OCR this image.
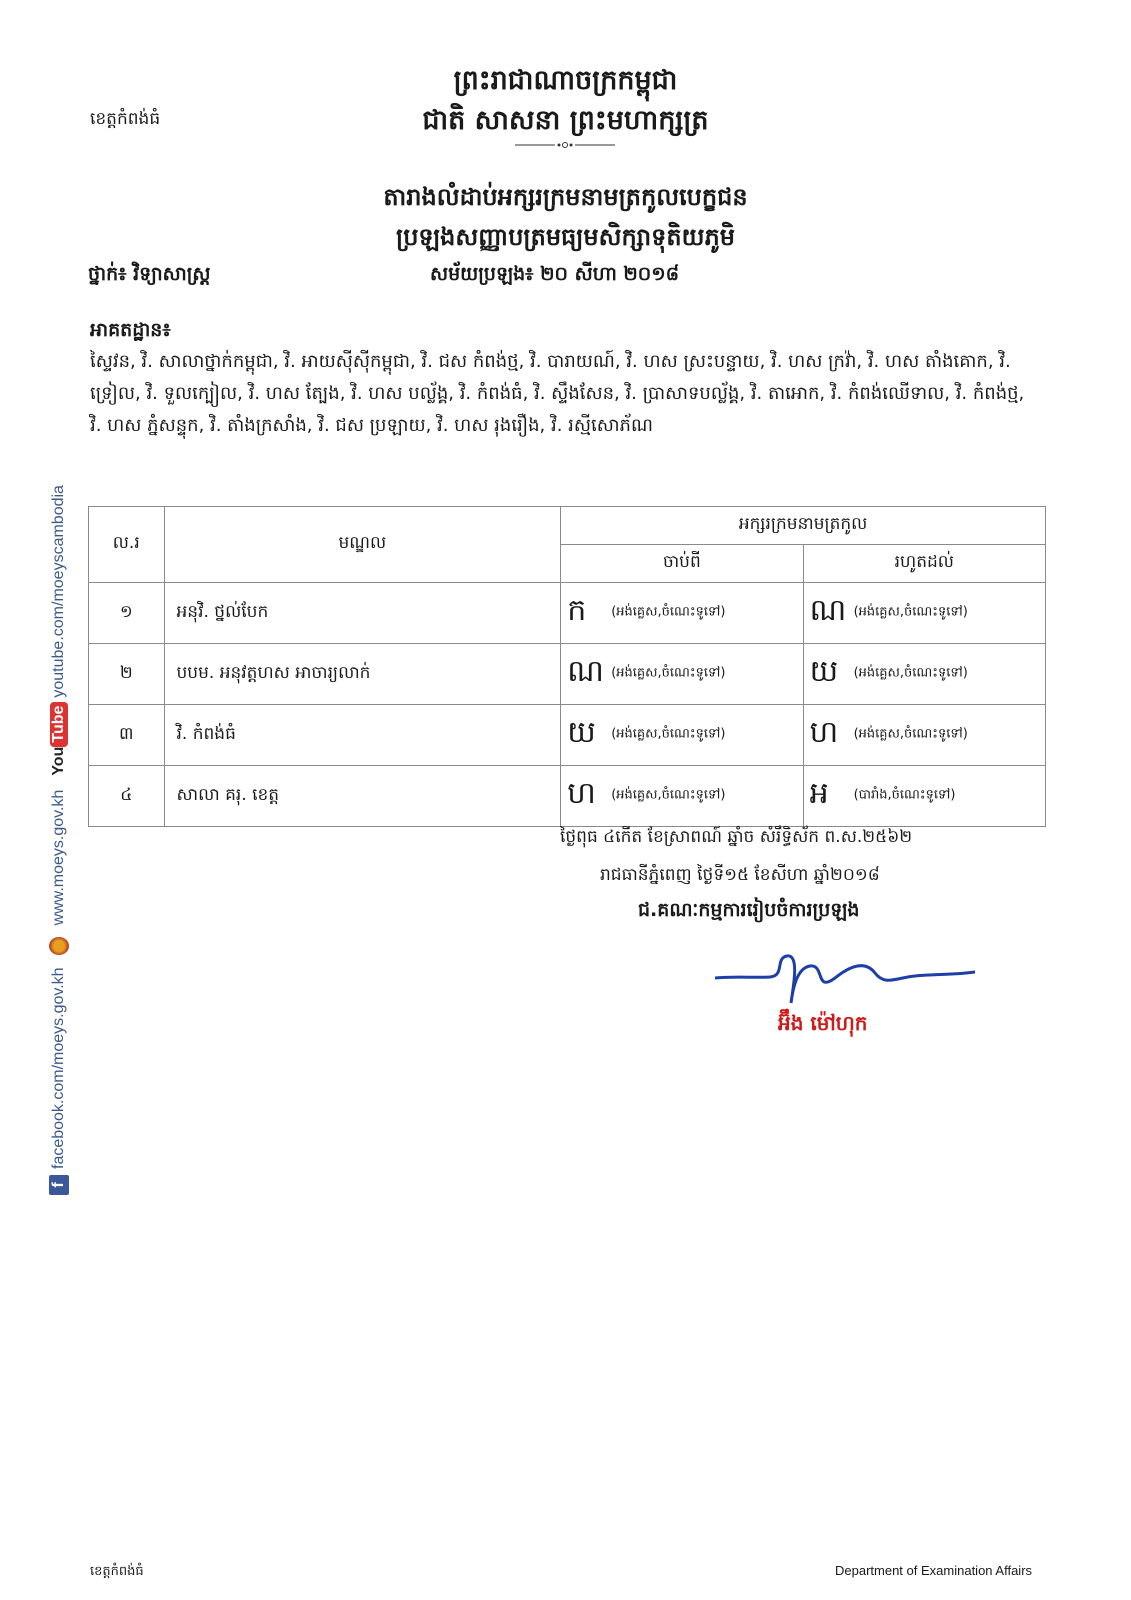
ព្រះរាជាណាចក្រកម្ពុជា
ជាតិ សាសនា ព្រះមហាក្សត្រ
ខេត្តកំពង់ធំ
តារាងលំដាប់អក្សរក្រមនាមត្រកូលបេក្ខជន
ប្រឡងសញ្ញាបត្រមធ្យមសិក្សាទុតិយភូមិ
ថ្នាក់៖ វិទ្យាសាស្ត្រ	សម័យប្រឡង៖ ២០ សីហា ២០១៨
អាគតដ្ឋាន៖
ស្ទៃវន, វិ. សាលាថ្នាក់កម្ពុជា, វិ. អាយស៊ីស៊ីកម្ពុជា, វិ. ជស កំពង់ថ្ម, វិ. បារាយណ៍, វិ. ហស ស្រះបន្ទាយ, វិ. ហស ក្រវ៉ា, វិ. ហស តាំងគោក, វិ. ទ្រៀល, វិ. ទួលក្បៀល, វិ. ហស ត្បែង, វិ. ហស បល្ល័ង្គ, វិ. កំពង់ធំ, វិ. ស្ទឹងសែន, វិ. ប្រាសាទបល្ល័ង្គ, វិ. តាអោក, វិ. កំពង់ឈើទាល, វិ. កំពង់ថ្ម, វិ. ហស ភ្នំសន្ទុក, វិ. តាំងក្រសាំង, វិ. ជស ប្រឡាយ, វិ. ហស រុងរឿង, វិ. រស្មីសោភ័ណ
ល.រ	មណ្ឌល	អក្សរក្រមនាមត្រកូល	
		ចាប់ពី	រហូតដល់
១	អនុវិ. ថ្នល់បែក	ក (អង់គ្លេស,ចំណេះទូទៅ)	ណ (អង់គ្លេស,ចំណេះទូទៅ)
២	បបម. អនុវត្តហស អាចារ្យលាក់	ណ (អង់គ្លេស,ចំណេះទូទៅ)	យ (អង់គ្លេស,ចំណេះទូទៅ)
៣	វិ. កំពង់ធំ	យ (អង់គ្លេស,ចំណេះទូទៅ)	ហ (អង់គ្លេស,ចំណេះទូទៅ)
៤	សាលា គរុ. ខេត្ត	ហ (អង់គ្លេស,ចំណេះទូទៅ)	អ (បារាំង,ចំណេះទូទៅ)
ថ្ងៃពុធ ៤កើត ខែស្រាពណ៍ ឆ្នាំច សំរឹទ្ធិស័ក ព.ស.២៥៦២
រាជធានីភ្នំពេញ ថ្ងៃទី១៥ ខែសីហា ឆ្នាំ២០១៨
ជ.គណៈកម្មការរៀបចំការប្រឡង
អ៊ឹង ម៉ៅហុក
ខេត្តកំពង់ធំ	Department of Examination Affairs
f
facebook.com/moeys.gov.kh
www.moeys.gov.kh
You
Tube
youtube.com/moeyscambodia
